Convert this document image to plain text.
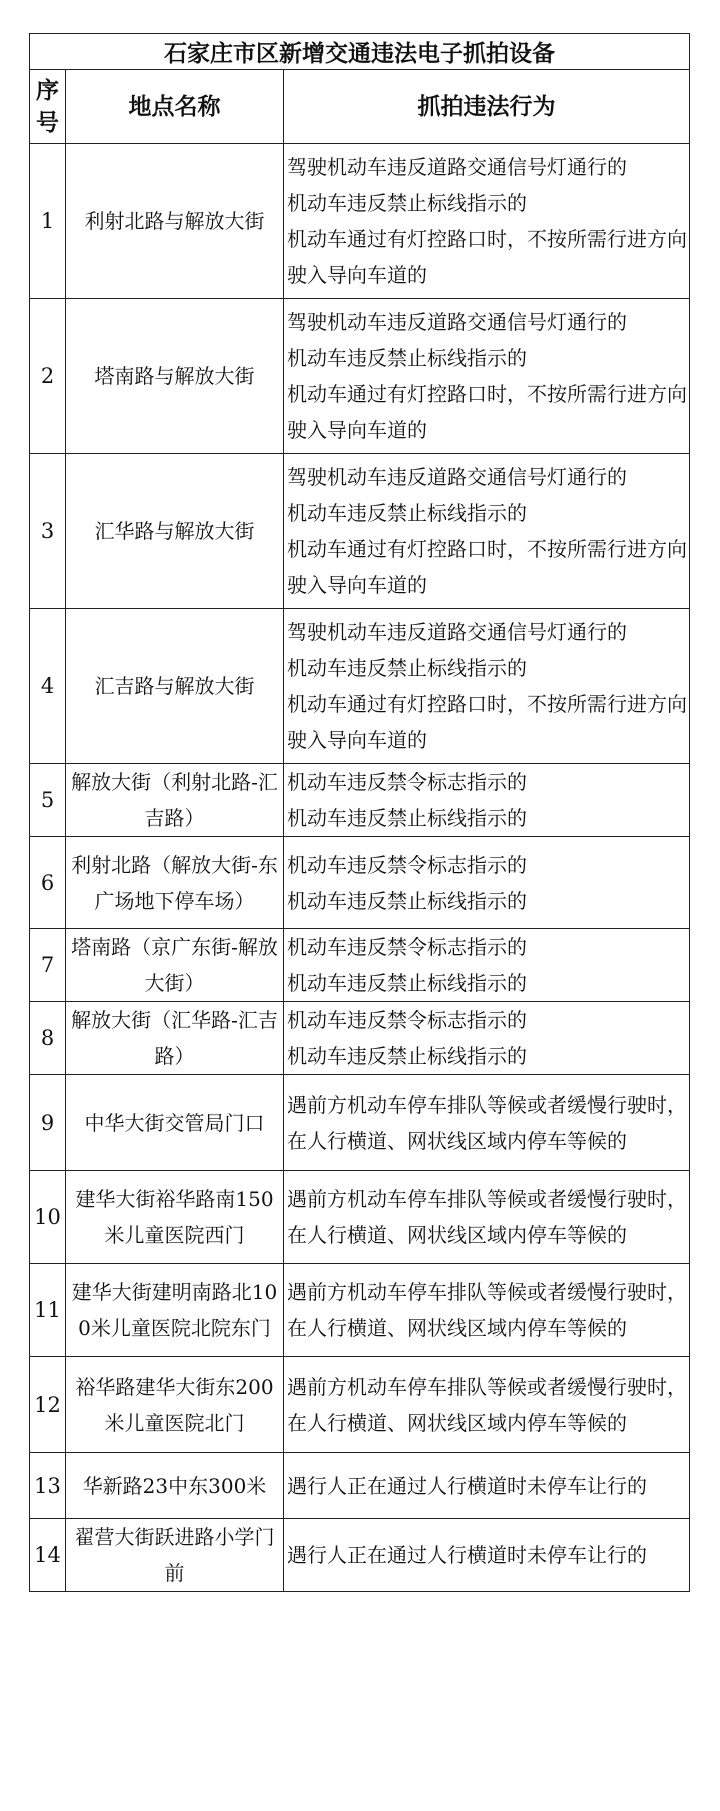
石家庄市区新增交通违法电子抓拍设备		
序号	地点名称	抓拍违法行为
1	利射北路与解放大街	驾驶机动车违反道路交通信号灯通行的
机动车违反禁止标线指示的
机动车通过有灯控路口时，不按所需行进方向驶入导向车道的

2	塔南路与解放大街	驾驶机动车违反道路交通信号灯通行的
机动车违反禁止标线指示的
机动车通过有灯控路口时，不按所需行进方向驶入导向车道的

3	汇华路与解放大街	驾驶机动车违反道路交通信号灯通行的
机动车违反禁止标线指示的
机动车通过有灯控路口时，不按所需行进方向驶入导向车道的

4	汇吉路与解放大街	驾驶机动车违反道路交通信号灯通行的
机动车违反禁止标线指示的
机动车通过有灯控路口时，不按所需行进方向驶入导向车道的

5	解放大街（利射北路-汇吉路）	机动车违反禁令标志指示的
机动车违反禁止标线指示的

6	利射北路（解放大街-东广场地下停车场）	机动车违反禁令标志指示的
机动车违反禁止标线指示的

7	塔南路（京广东街-解放大街）	机动车违反禁令标志指示的
机动车违反禁止标线指示的

8	解放大街（汇华路-汇吉路）	机动车违反禁令标志指示的
机动车违反禁止标线指示的

9	中华大街交管局门口	遇前方机动车停车排队等候或者缓慢行驶时，在人行横道、网状线区域内停车等候的

10	建华大街裕华路南150米儿童医院西门	遇前方机动车停车排队等候或者缓慢行驶时，在人行横道、网状线区域内停车等候的

11	建华大街建明南路北100米儿童医院北院东门	遇前方机动车停车排队等候或者缓慢行驶时，在人行横道、网状线区域内停车等候的

12	裕华路建华大街东200米儿童医院北门	遇前方机动车停车排队等候或者缓慢行驶时，在人行横道、网状线区域内停车等候的

13	华新路23中东300米	遇行人正在通过人行横道时未停车让行的

14	翟营大街跃进路小学门前	遇行人正在通过人行横道时未停车让行的
